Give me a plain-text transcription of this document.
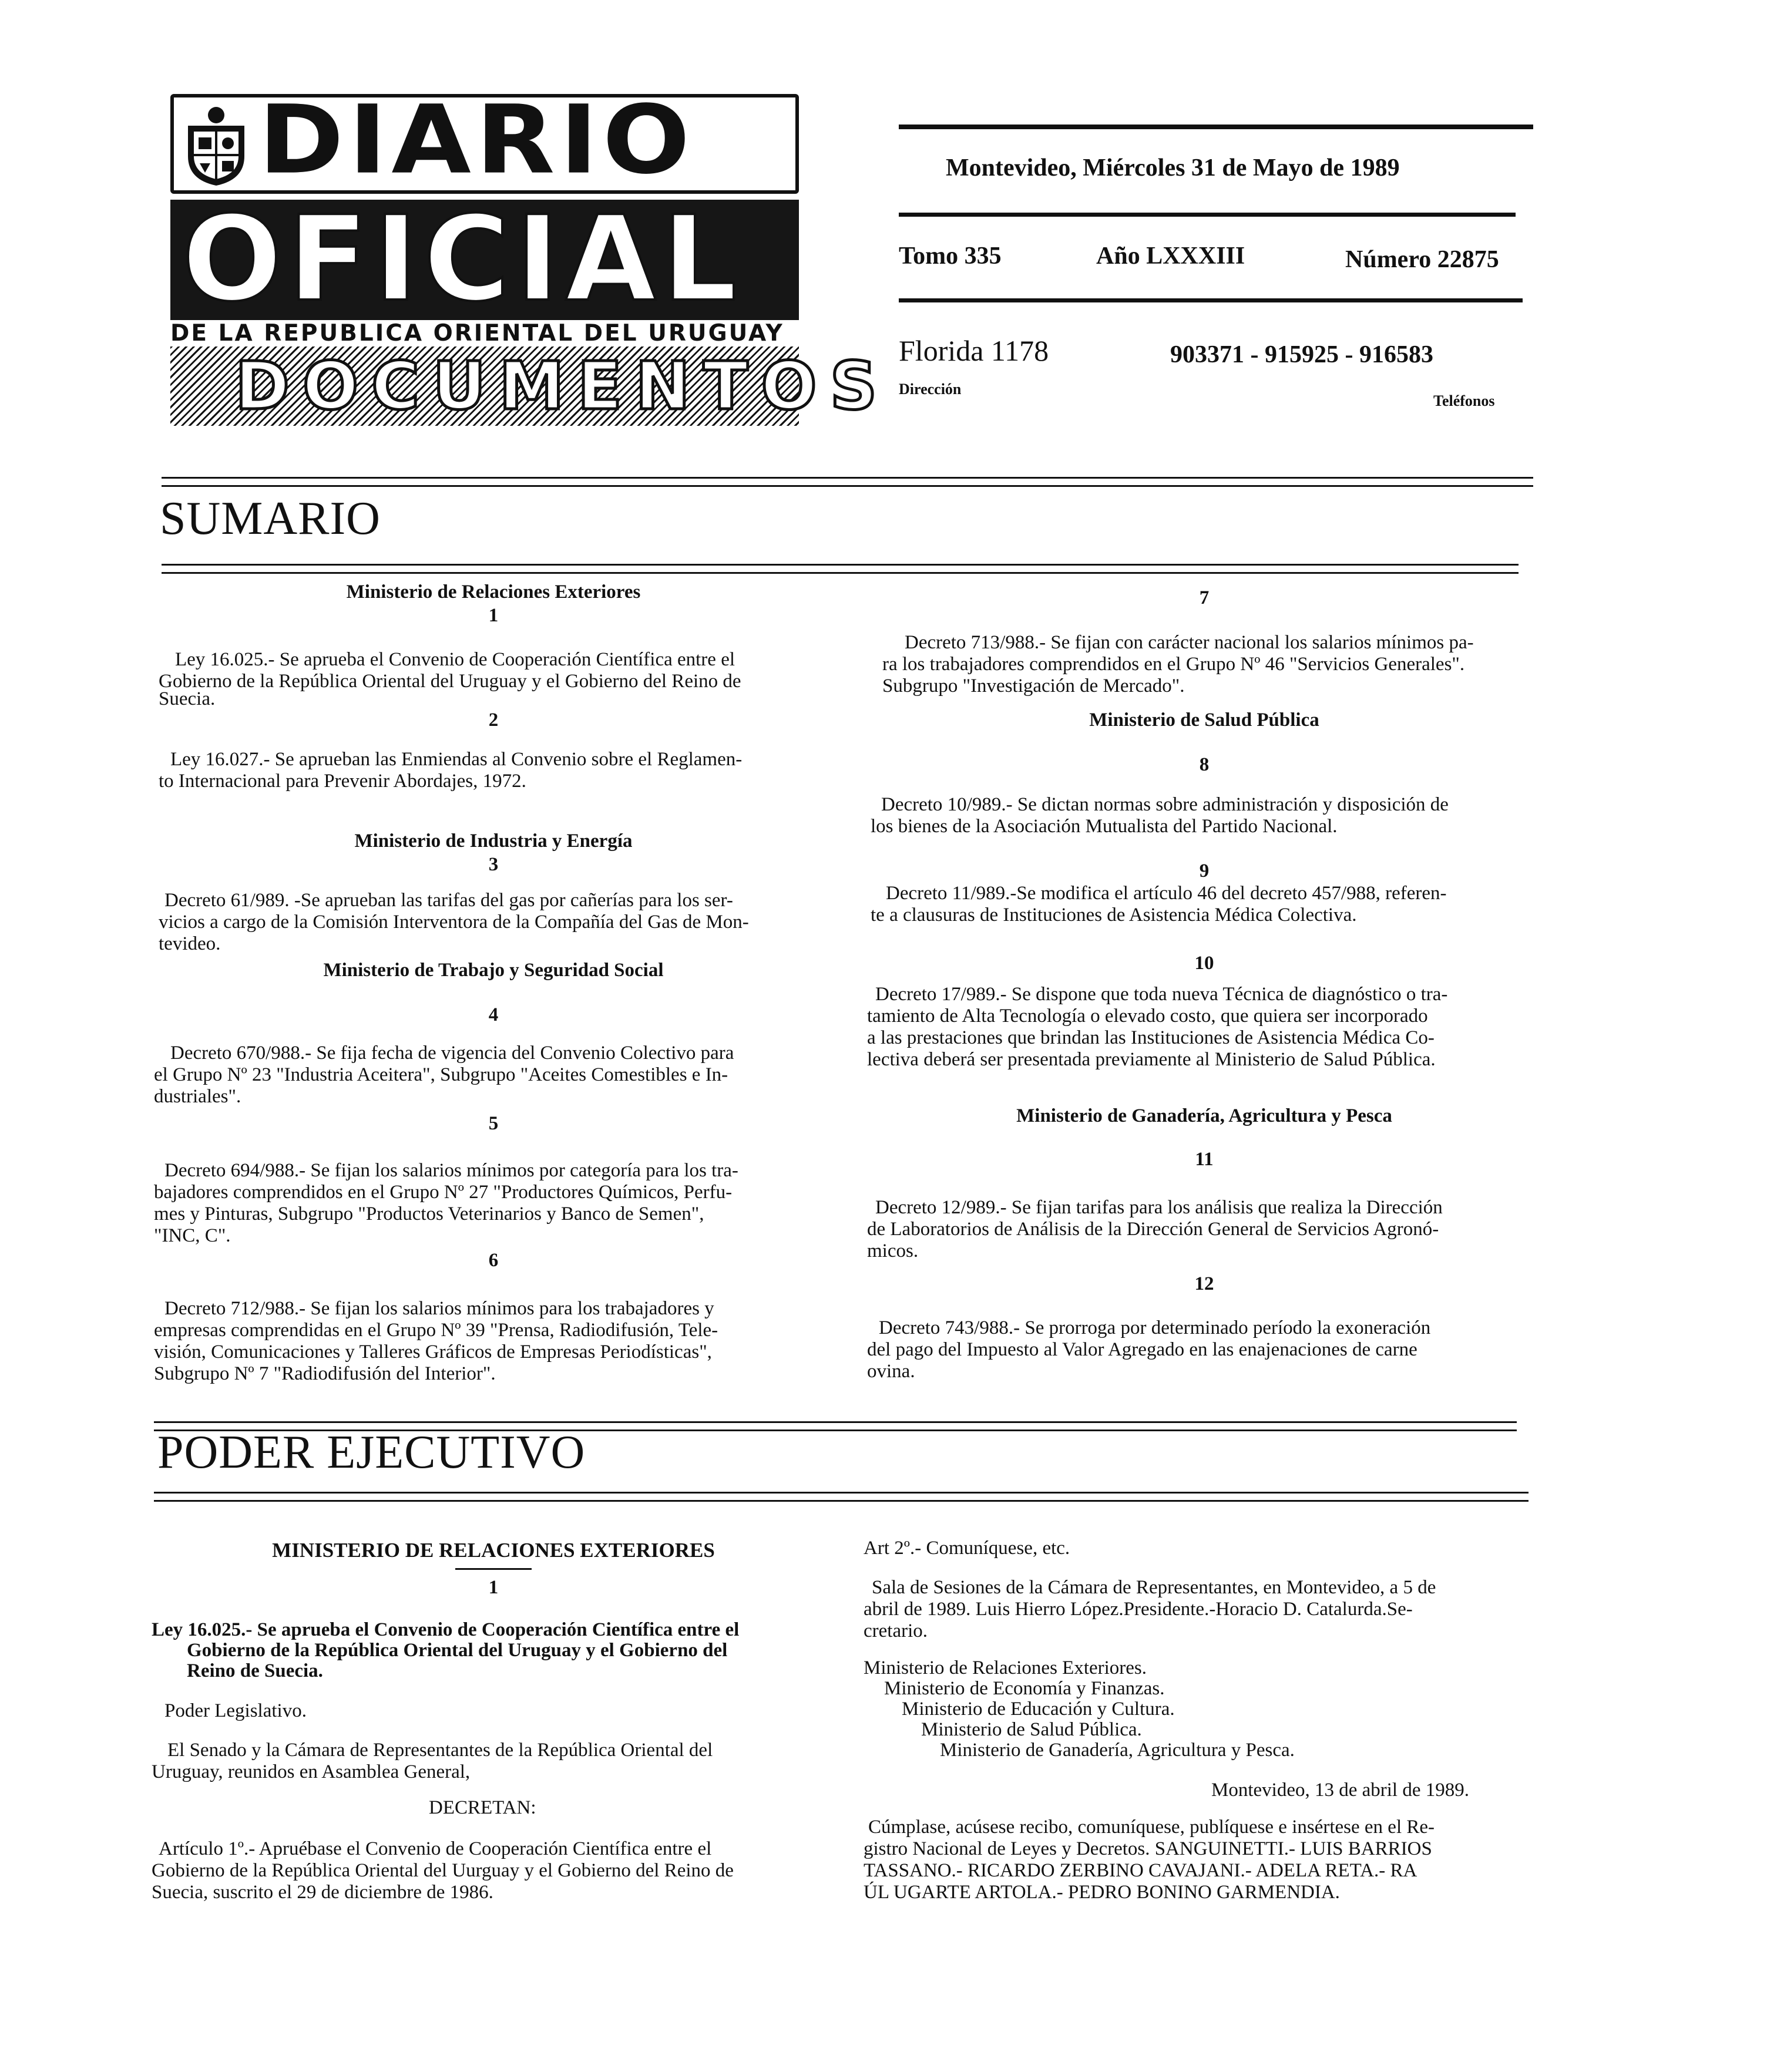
DIARIO
OFICIAL
DE LA REPUBLICA ORIENTAL DEL URUGUAY
DOCUMENTOS
Montevideo, Miércoles 31 de Mayo de 1989
Tomo 335	Año LXXXIII	Número 22875
Florida 1178
Dirección
903371 - 915925 - 916583
Teléfonos
SUMARIO
Ministerio de Relaciones Exteriores
1
Ley 16.025.- Se aprueba el Convenio de Cooperación Científica entre el
Gobierno de la República Oriental del Uruguay y el Gobierno del Reino de
Suecia.
2
Ley 16.027.- Se aprueban las Enmiendas al Convenio sobre el Reglamen-
to Internacional para Prevenir Abordajes, 1972.
Ministerio de Industria y Energía
3
Decreto 61/989. -Se aprueban las tarifas del gas por cañerías para los ser-
vicios a cargo de la Comisión Interventora de la Compañía del Gas de Mon-
tevideo.
Ministerio de Trabajo y Seguridad Social
4
Decreto 670/988.- Se fija fecha de vigencia del Convenio Colectivo para
el Grupo Nº 23 "Industria Aceitera", Subgrupo "Aceites Comestibles e In-
dustriales".
5
Decreto 694/988.- Se fijan los salarios mínimos por categoría para los tra-
bajadores comprendidos en el Grupo Nº 27 "Productores Químicos, Perfu-
mes y Pinturas, Subgrupo "Productos Veterinarios y Banco de Semen",
"INC, C".
6
Decreto 712/988.- Se fijan los salarios mínimos para los trabajadores y
empresas comprendidas en el Grupo Nº 39 "Prensa, Radiodifusión, Tele-
visión, Comunicaciones y Talleres Gráficos de Empresas Periodísticas",
Subgrupo Nº 7 "Radiodifusión del Interior".
7
Decreto 713/988.- Se fijan con carácter nacional los salarios mínimos pa-
ra los trabajadores comprendidos en el Grupo Nº 46 "Servicios Generales".
Subgrupo "Investigación de Mercado".
Ministerio de Salud Pública
8
Decreto 10/989.- Se dictan normas sobre administración y disposición de
los bienes de la Asociación Mutualista del Partido Nacional.
9
Decreto 11/989.-Se modifica el artículo 46 del decreto 457/988, referen-
te a clausuras de Instituciones de Asistencia Médica Colectiva.
10
Decreto 17/989.- Se dispone que toda nueva Técnica de diagnóstico o tra-
tamiento de Alta Tecnología o elevado costo, que quiera ser incorporado
a las prestaciones que brindan las Instituciones de Asistencia Médica Co-
lectiva deberá ser presentada previamente al Ministerio de Salud Pública.
Ministerio de Ganadería, Agricultura y Pesca
11
Decreto 12/989.- Se fijan tarifas para los análisis que realiza la Dirección
de Laboratorios de Análisis de la Dirección General de Servicios Agronó-
micos.
12
Decreto 743/988.- Se prorroga por determinado período la exoneración
del pago del Impuesto al Valor Agregado en las enajenaciones de carne
ovina.
PODER EJECUTIVO
MINISTERIO DE RELACIONES EXTERIORES
1
Ley 16.025.- Se aprueba el Convenio de Cooperación Científica entre el
Gobierno de la República Oriental del Uruguay y el Gobierno del
Reino de Suecia.
Poder Legislativo.
El Senado y la Cámara de Representantes de la República Oriental del
Uruguay, reunidos en Asamblea General,
DECRETAN:
Artículo 1º.- Apruébase el Convenio de Cooperación Científica entre el
Gobierno de la República Oriental del Uurguay y el Gobierno del Reino de
Suecia, suscrito el 29 de diciembre de 1986.
Art 2º.- Comuníquese, etc.
Sala de Sesiones de la Cámara de Representantes, en Montevideo, a 5 de
abril de 1989. Luis Hierro López.Presidente.-Horacio D. Catalurda.Se-
cretario.
Ministerio de Relaciones Exteriores.
Ministerio de Economía y Finanzas.
Ministerio de Educación y Cultura.
Ministerio de Salud Pública.
Ministerio de Ganadería, Agricultura y Pesca.
Montevideo, 13 de abril de 1989.
Cúmplase, acúsese recibo, comuníquese, publíquese e insértese en el Re-
gistro Nacional de Leyes y Decretos. SANGUINETTI.- LUIS BARRIOS
TASSANO.- RICARDO ZERBINO CAVAJANI.- ADELA RETA.- RA
ÚL UGARTE ARTOLA.- PEDRO BONINO GARMENDIA.
